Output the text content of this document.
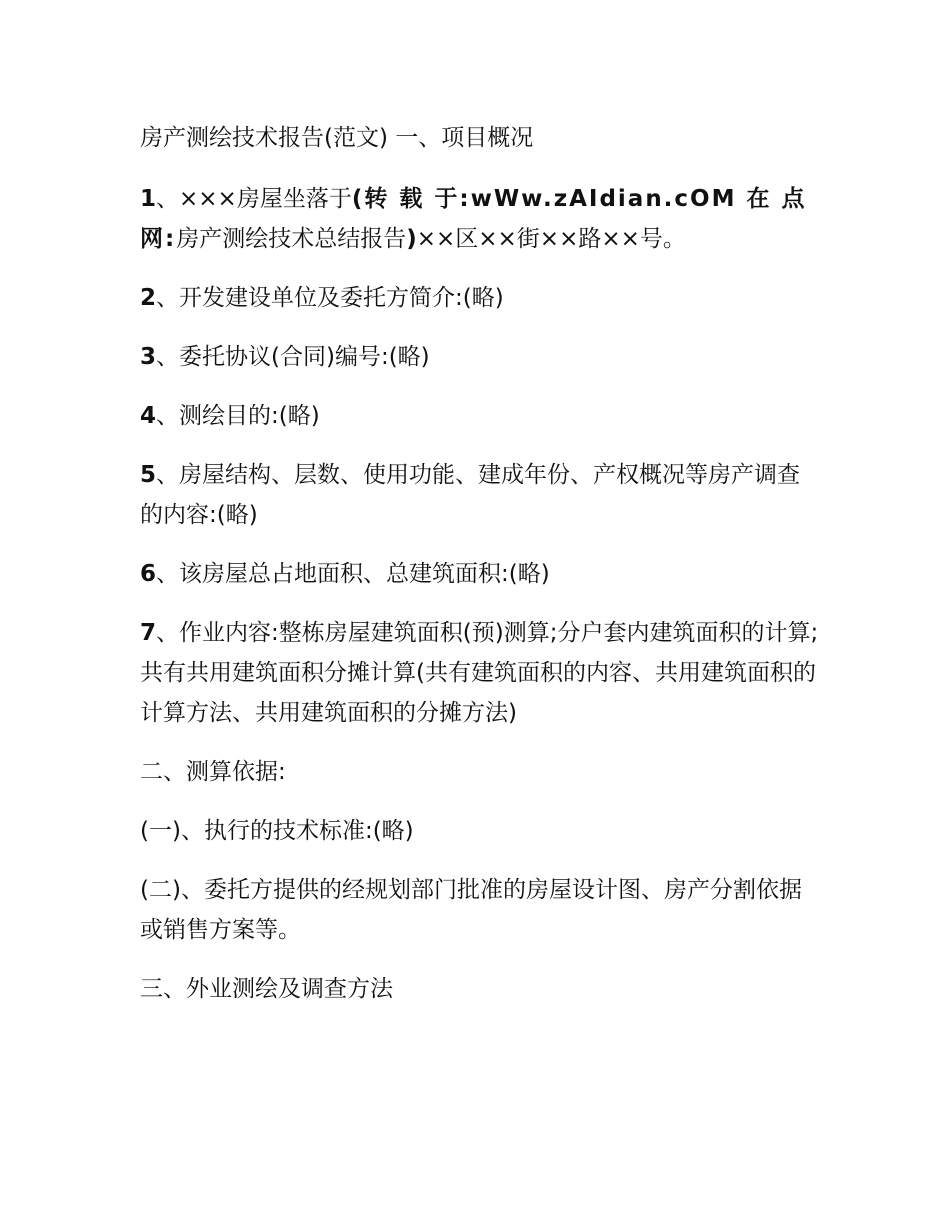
房产测绘技术报告(范文) 一、项目概况

1、×××房屋坐落于(转 载 于:wWw.zAIdian.cOM 在 点 网:房产测绘技术总结报告)××区××街××路××号。

2、开发建设单位及委托方简介:(略)

3、委托协议(合同)编号:(略)

4、测绘目的:(略)

5、房屋结构、层数、使用功能、建成年份、产权概况等房产调查的内容:(略)

6、该房屋总占地面积、总建筑面积:(略)

7、作业内容:整栋房屋建筑面积(预)测算;分户套内建筑面积的计算;共有共用建筑面积分摊计算(共有建筑面积的内容、共用建筑面积的计算方法、共用建筑面积的分摊方法)

二、测算依据:

(一)、执行的技术标准:(略)

(二)、委托方提供的经规划部门批准的房屋设计图、房产分割依据或销售方案等。

三、外业测绘及调查方法
